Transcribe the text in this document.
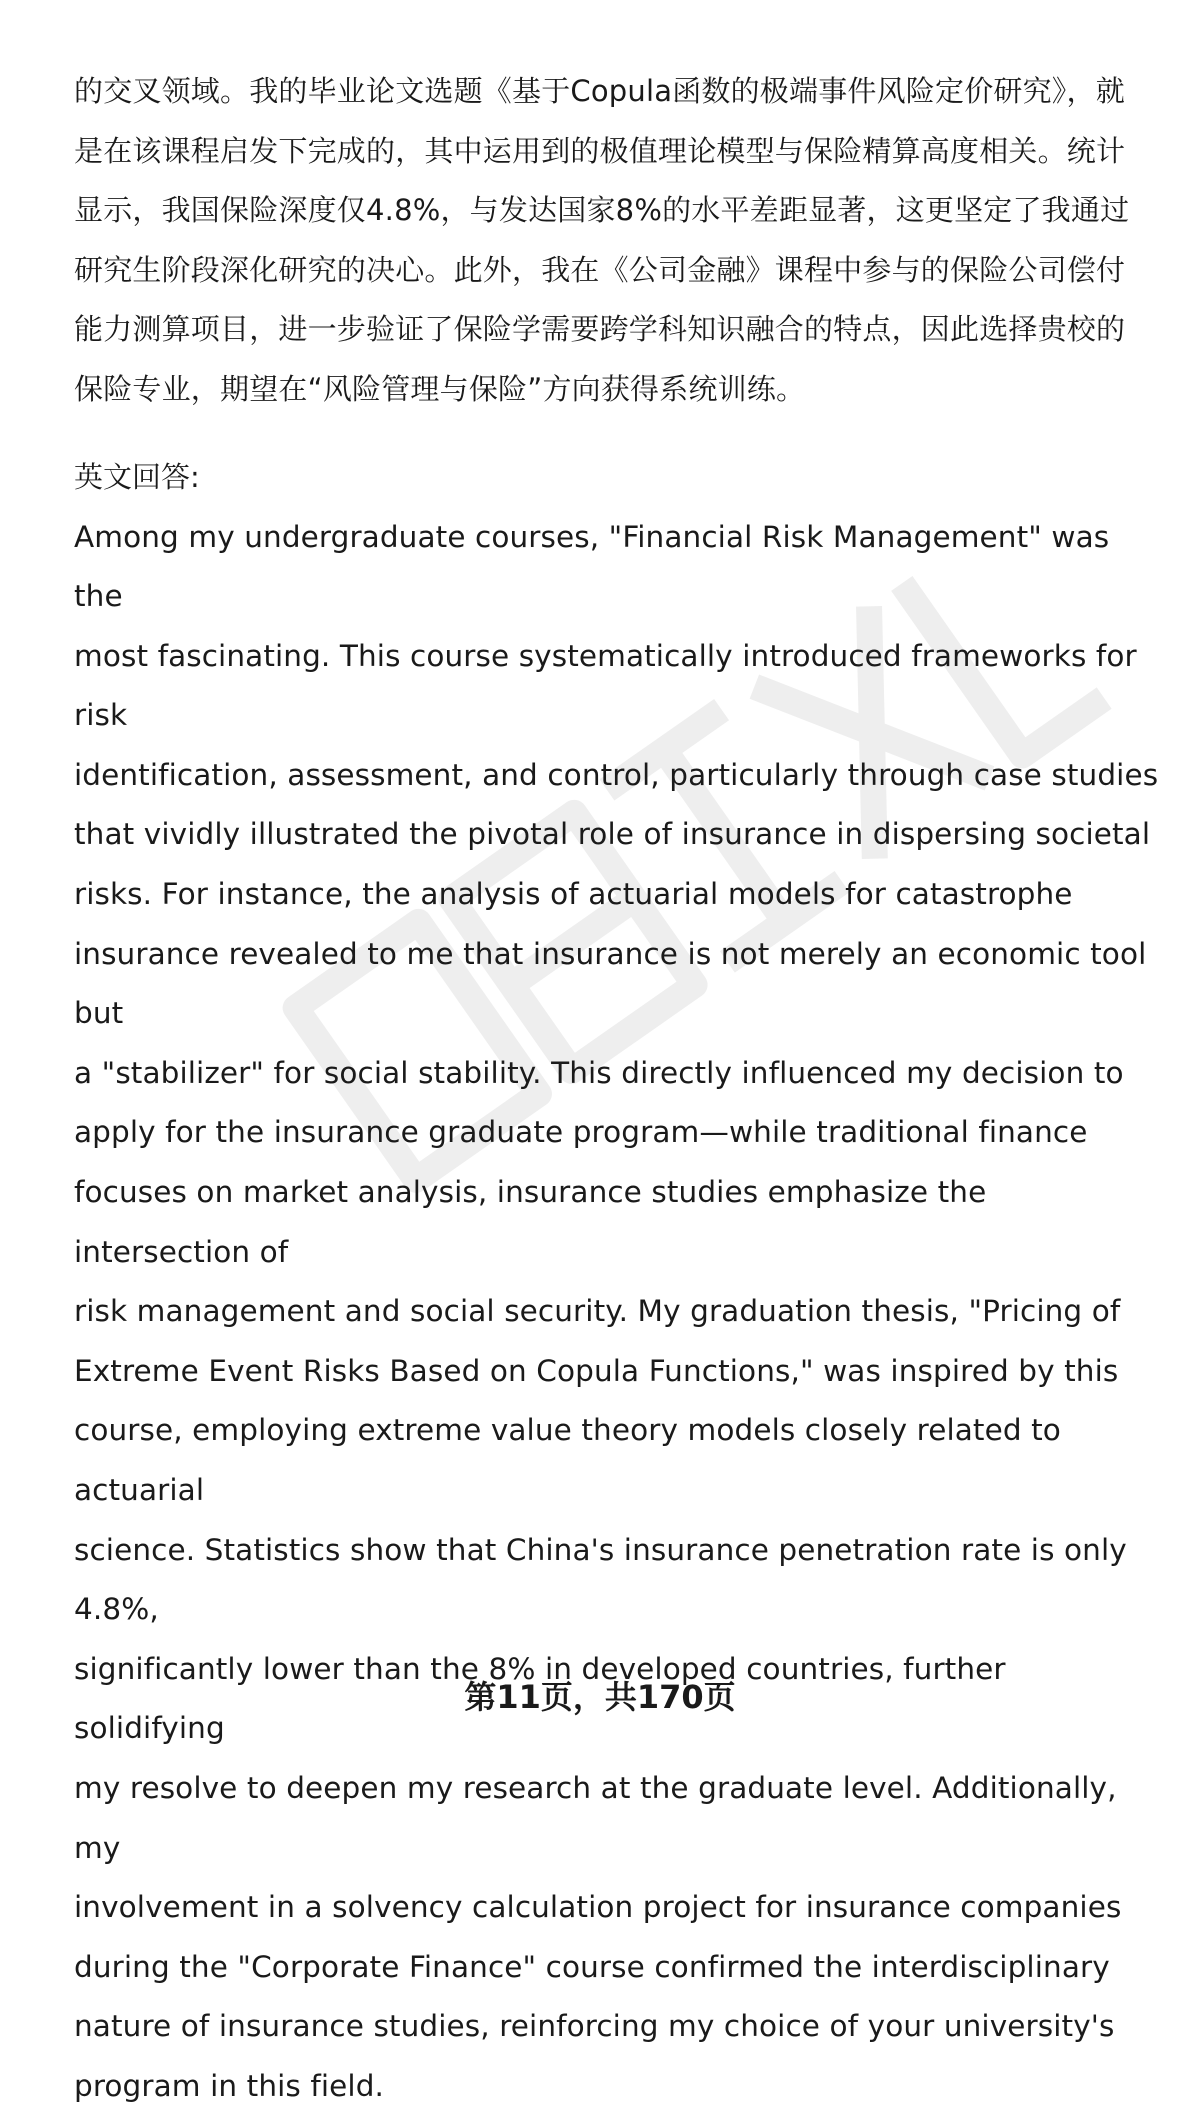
的交叉领域。我的毕业论文选题《基于Copula函数的极端事件风险定价研究》，就

是在该课程启发下完成的，其中运用到的极值理论模型与保险精算高度相关。统计

显示，我国保险深度仅4.8%，与发达国家8%的水平差距显著，这更坚定了我通过

研究生阶段深化研究的决心。此外，我在《公司金融》课程中参与的保险公司偿付

能力测算项目，进一步验证了保险学需要跨学科知识融合的特点，因此选择贵校的

保险专业，期望在“风险管理与保险”方向获得系统训练。

英文回答:

Among my undergraduate courses, "Financial Risk Management" was the

most fascinating. This course systematically introduced frameworks for risk

identification, assessment, and control, particularly through case studies

that vividly illustrated the pivotal role of insurance in dispersing societal

risks. For instance, the analysis of actuarial models for catastrophe

insurance revealed to me that insurance is not merely an economic tool but

a "stabilizer" for social stability. This directly influenced my decision to

apply for the insurance graduate program—while traditional finance

focuses on market analysis, insurance studies emphasize the intersection of

risk management and social security. My graduation thesis, "Pricing of

Extreme Event Risks Based on Copula Functions," was inspired by this

course, employing extreme value theory models closely related to actuarial

science. Statistics show that China's insurance penetration rate is only 4.8%,

significantly lower than the 8% in developed countries, further solidifying

my resolve to deepen my research at the graduate level. Additionally, my

involvement in a solvency calculation project for insurance companies

during the "Corporate Finance" course confirmed the interdisciplinary

nature of insurance studies, reinforcing my choice of your university's

program in this field.

第11页，共170页
